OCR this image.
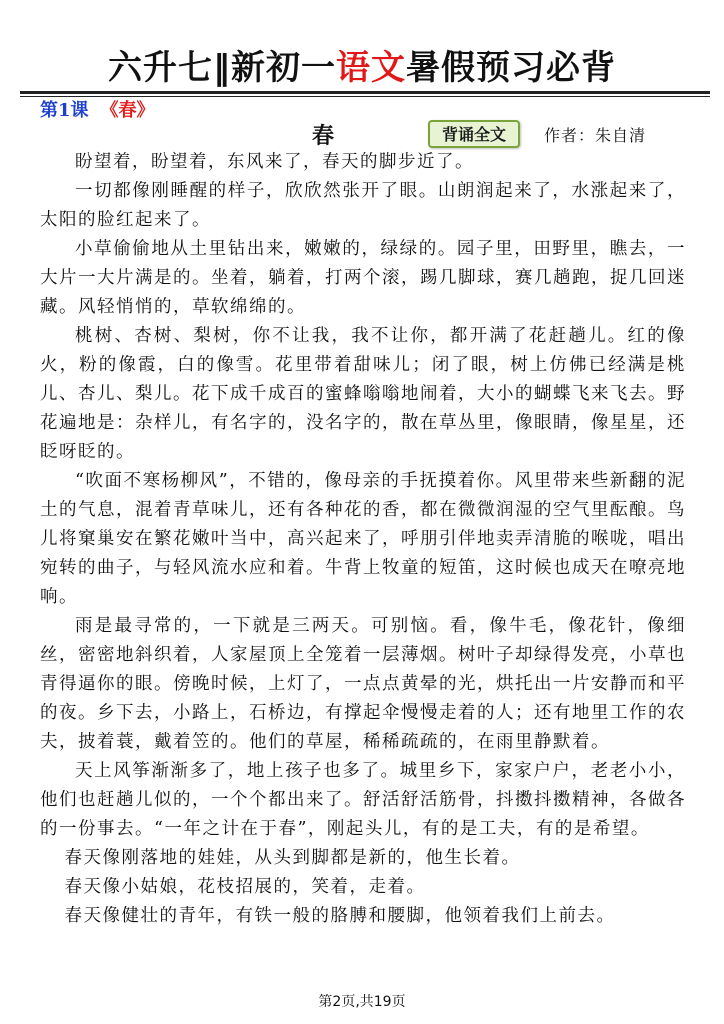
六升七‖新初一语文暑假预习必背
第1课 《春》
春	背诵全文	作者：朱自清

盼望着，盼望着，东风来了，春天的脚步近了。

一切都像刚睡醒的样子，欣欣然张开了眼。山朗润起来了，水涨起来了，太阳的脸红起来了。

小草偷偷地从土里钻出来，嫩嫩的，绿绿的。园子里，田野里，瞧去，一大片一大片满是的。坐着，躺着，打两个滚，踢几脚球，赛几趟跑，捉几回迷藏。风轻悄悄的，草软绵绵的。

桃树、杏树、梨树，你不让我，我不让你，都开满了花赶趟儿。红的像火，粉的像霞，白的像雪。花里带着甜味儿；闭了眼，树上仿佛已经满是桃儿、杏儿、梨儿。花下成千成百的蜜蜂嗡嗡地闹着，大小的蝴蝶飞来飞去。野花遍地是：杂样儿，有名字的，没名字的，散在草丛里，像眼睛，像星星，还眨呀眨的。

“吹面不寒杨柳风”，不错的，像母亲的手抚摸着你。风里带来些新翻的泥土的气息，混着青草味儿，还有各种花的香，都在微微润湿的空气里酝酿。鸟儿将窠巢安在繁花嫩叶当中，高兴起来了，呼朋引伴地卖弄清脆的喉咙，唱出宛转的曲子，与轻风流水应和着。牛背上牧童的短笛，这时候也成天在嘹亮地响。

雨是最寻常的，一下就是三两天。可别恼。看，像牛毛，像花针，像细丝，密密地斜织着，人家屋顶上全笼着一层薄烟。树叶子却绿得发亮，小草也青得逼你的眼。傍晚时候，上灯了，一点点黄晕的光，烘托出一片安静而和平的夜。乡下去，小路上，石桥边，有撑起伞慢慢走着的人；还有地里工作的农夫，披着蓑，戴着笠的。他们的草屋，稀稀疏疏的，在雨里静默着。

天上风筝渐渐多了，地上孩子也多了。城里乡下，家家户户，老老小小，他们也赶趟儿似的，一个个都出来了。舒活舒活筋骨，抖擞抖擞精神，各做各的一份事去。“一年之计在于春”，刚起头儿，有的是工夫，有的是希望。

春天像刚落地的娃娃，从头到脚都是新的，他生长着。

春天像小姑娘，花枝招展的，笑着，走着。

春天像健壮的青年，有铁一般的胳膊和腰脚，他领着我们上前去。

第2页,共19页
